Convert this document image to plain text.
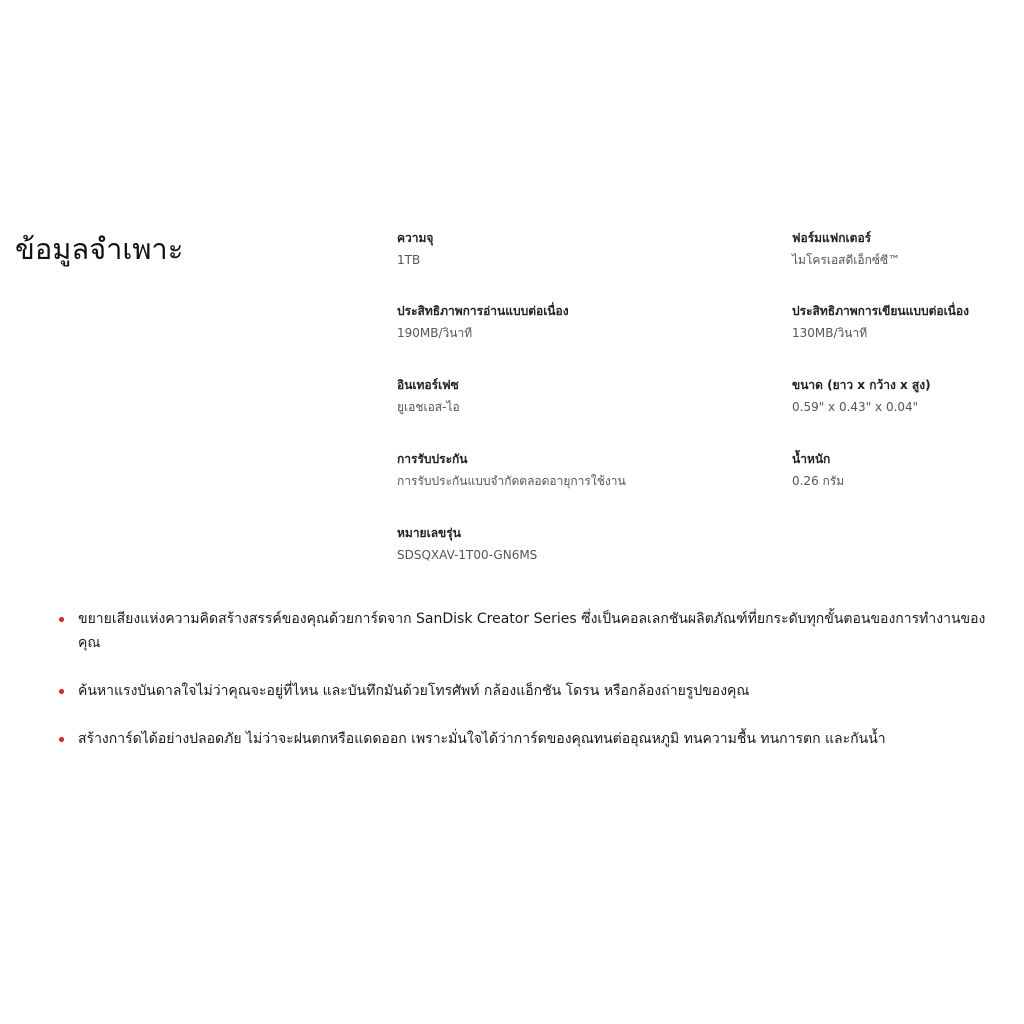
ข้อมูลจำเพาะ	ความจุ
1TB
ฟอร์มแฟกเตอร์
ไมโครเอสดีเอ็กซ์ซี™
ประสิทธิภาพการอ่านแบบต่อเนื่อง
190MB/วินาที
ประสิทธิภาพการเขียนแบบต่อเนื่อง
130MB/วินาที
อินเทอร์เฟซ
ยูเอชเอส-ไอ
ขนาด (ยาว x กว้าง x สูง)
0.59" x 0.43" x 0.04"
การรับประกัน
การรับประกันแบบจำกัดตลอดอายุการใช้งาน
น้ำหนัก
0.26 กรัม
หมายเลขรุ่น
SDSQXAV-1T00-GN6MS
ขยายเสียงแห่งความคิดสร้างสรรค์ของคุณด้วยการ์ดจาก SanDisk Creator Series ซึ่งเป็นคอลเลกชันผลิตภัณฑ์ที่ยกระดับทุกขั้นตอนของการทำงานของคุณ
ค้นหาแรงบันดาลใจไม่ว่าคุณจะอยู่ที่ไหน และบันทึกมันด้วยโทรศัพท์ กล้องแอ็กชัน โดรน หรือกล้องถ่ายรูปของคุณ
สร้างการ์ดได้อย่างปลอดภัย ไม่ว่าจะฝนตกหรือแดดออก เพราะมั่นใจได้ว่าการ์ดของคุณทนต่ออุณหภูมิ ทนความชื้น ทนการตก และกันน้ำ
